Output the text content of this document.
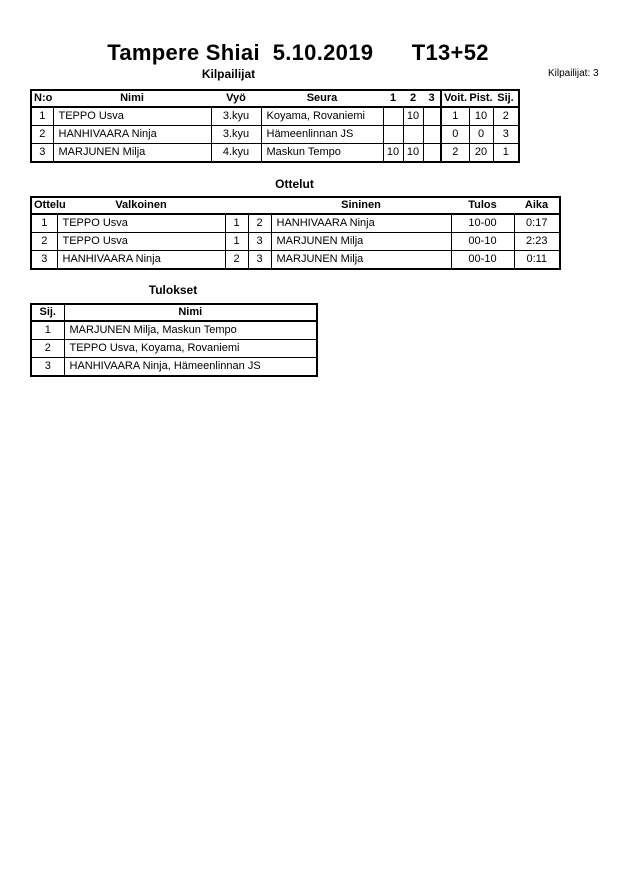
Tampere Shiai  5.10.2019      T13+52
Kilpailijat	Kilpailijat: 3
N:o	Nimi	Vyö	Seura	1	2	3	Voit.	Pist.	Sij.
1	TEPPO Usva	3.kyu	Koyama, Rovaniemi		10		1	10	2
2	HANHIVAARA Ninja	3.kyu	Hämeenlinnan JS				0	0	3
3	MARJUNEN Milja	4.kyu	Maskun Tempo	10	10		2	20	1
Ottelut
Ottelu	Valkoinen			Sininen	Tulos	Aika
1	TEPPO Usva	1	2	HANHIVAARA Ninja	10-00	0:17
2	TEPPO Usva	1	3	MARJUNEN Milja	00-10	2:23
3	HANHIVAARA Ninja	2	3	MARJUNEN Milja	00-10	0:11
Tulokset
Sij.	Nimi
1	MARJUNEN Milja, Maskun Tempo
2	TEPPO Usva, Koyama, Rovaniemi
3	HANHIVAARA Ninja, Hämeenlinnan JS
